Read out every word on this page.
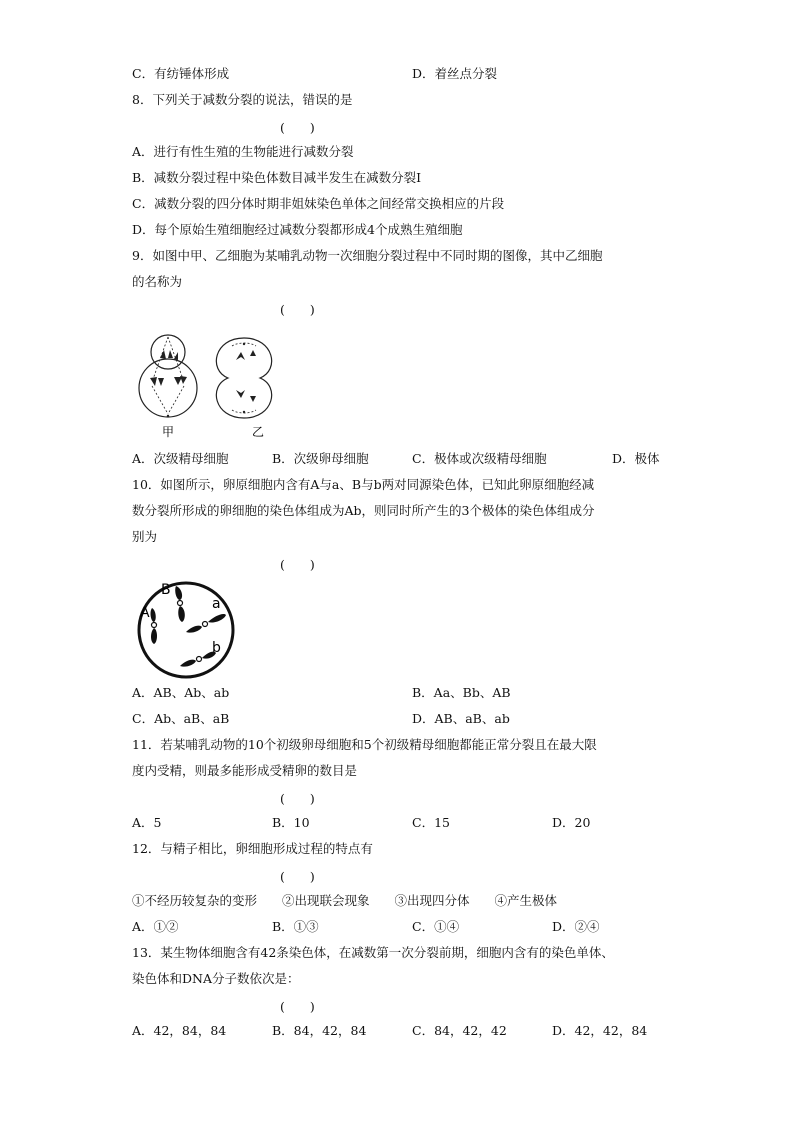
C．有纺锤体形成	D．着丝点分裂
8．下列关于减数分裂的说法，错误的是
(　　)
A．进行有性生殖的生物能进行减数分裂
B．减数分裂过程中染色体数目减半发生在减数分裂Ⅰ
C．减数分裂的四分体时期非姐妹染色单体之间经常交换相应的片段
D．每个原始生殖细胞经过减数分裂都形成4个成熟生殖细胞
9．如图中甲、乙细胞为某哺乳动物一次细胞分裂过程中不同时期的图像，其中乙细胞
的名称为
(　　)
甲	乙
A．次级精母细胞	B．次级卵母细胞	C．极体或次级精母细胞	D．极体
10．如图所示，卵原细胞内含有A与a、B与b两对同源染色体，已知此卵原细胞经减
数分裂所形成的卵细胞的染色体组成为Ab，则同时所产生的3个极体的染色体组成分
别为
(　　)
A
B
a
b
A．AB、Ab、ab	B．Aa、Bb、AB
C．Ab、aB、aB	D．AB、aB、ab
11．若某哺乳动物的10个初级卵母细胞和5个初级精母细胞都能正常分裂且在最大限
度内受精，则最多能形成受精卵的数目是
(　　)
A．5	B．10	C．15	D．20
12．与精子相比，卵细胞形成过程的特点有
(　　)
①不经历较复杂的变形　　②出现联会现象　　③出现四分体　　④产生极体
A．①②	B．①③	C．①④	D．②④
13．某生物体细胞含有42条染色体，在减数第一次分裂前期，细胞内含有的染色单体、
染色体和DNA分子数依次是：
(　　)
A．42，84，84	B．84，42，84	C．84，42，42	D．42，42，84
